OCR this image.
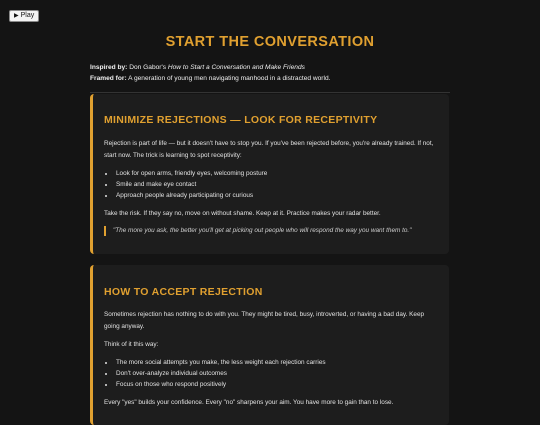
▶ Play
START THE CONVERSATION
Inspired by: Don Gabor's How to Start a Conversation and Make Friends
Framed for: A generation of young men navigating manhood in a distracted world.
MINIMIZE REJECTIONS — LOOK FOR RECEPTIVITY

Rejection is part of life — but it doesn't have to stop you. If you've been rejected before, you're already trained. If not, start now. The trick is learning to spot receptivity:

• Look for open arms, friendly eyes, welcoming posture
• Smile and make eye contact
• Approach people already participating or curious

Take the risk. If they say no, move on without shame. Keep at it. Practice makes your radar better.

"The more you ask, the better you'll get at picking out people who will respond the way you want them to."
HOW TO ACCEPT REJECTION

Sometimes rejection has nothing to do with you. They might be tired, busy, introverted, or having a bad day. Keep going anyway.

Think of it this way:

• The more social attempts you make, the less weight each rejection carries
• Don't over-analyze individual outcomes
• Focus on those who respond positively

Every "yes" builds your confidence. Every "no" sharpens your aim. You have more to gain than to lose.
